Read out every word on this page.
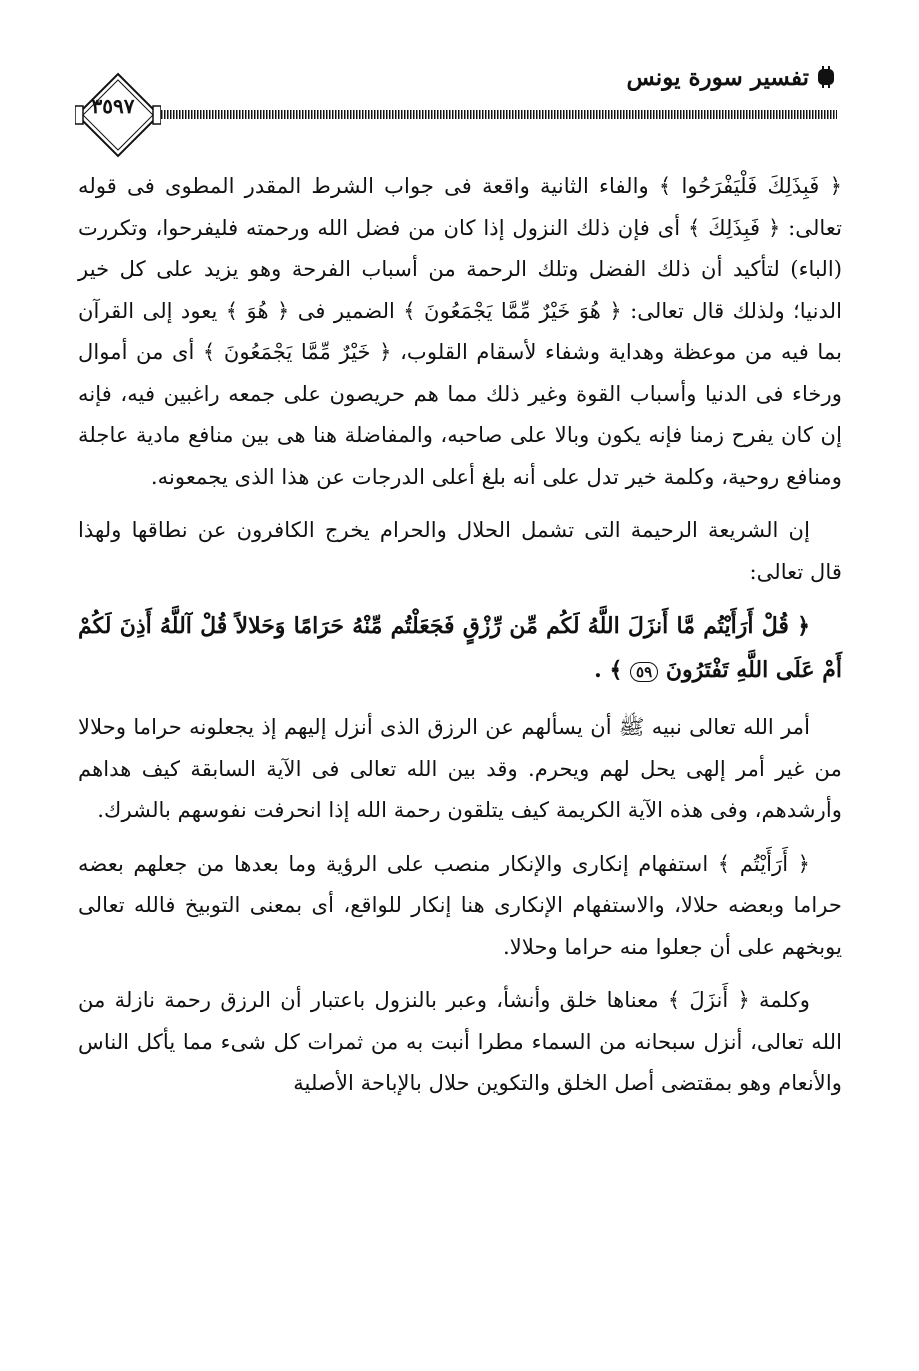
تفسير سورة يونس
٣٥٩٧

﴿ فَبِذَلِكَ فَلْيَفْرَحُوا ﴾ والفاء الثانية واقعة فى جواب الشرط المقدر المطوى فى قوله تعالى: ﴿ فَبِذَلِكَ ﴾ أى فإن ذلك النزول إذا كان من فضل الله ورحمته فليفرحوا، وتكررت (الباء) لتأكيد أن ذلك الفضل وتلك الرحمة من أسباب الفرحة وهو يزيد على كل خير الدنيا؛ ولذلك قال تعالى: ﴿ هُوَ خَيْرٌ مِّمَّا يَجْمَعُونَ ﴾ الضمير فى ﴿ هُوَ ﴾ يعود إلى القرآن بما فيه من موعظة وهداية وشفاء لأسقام القلوب، ﴿ خَيْرٌ مِّمَّا يَجْمَعُونَ ﴾ أى من أموال ورخاء فى الدنيا وأسباب القوة وغير ذلك مما هم حريصون على جمعه راغبين فيه، فإنه إن كان يفرح زمنا فإنه يكون وبالا على صاحبه، والمفاضلة هنا هى بين منافع مادية عاجلة ومنافع روحية، وكلمة خير تدل على أنه بلغ أعلى الدرجات عن هذا الذى يجمعونه.

إن الشريعة الرحيمة التى تشمل الحلال والحرام يخرج الكافرون عن نطاقها ولهذا قال تعالى:

﴿ قُلْ أَرَأَيْتُم مَّا أَنزَلَ اللَّهُ لَكُم مِّن رِّزْقٍ فَجَعَلْتُم مِّنْهُ حَرَامًا وَحَلالاً قُلْ آللَّهُ أَذِنَ لَكُمْ أَمْ عَلَى اللَّهِ تَفْتَرُونَ ٥٩ ﴾ .

أمر الله تعالى نبيه ﷺ أن يسألهم عن الرزق الذى أنزل إليهم إذ يجعلونه حراما وحلالا من غير أمر إلهى يحل لهم ويحرم. وقد بين الله تعالى فى الآية السابقة كيف هداهم وأرشدهم، وفى هذه الآية الكريمة كيف يتلقون رحمة الله إذا انحرفت نفوسهم بالشرك.

﴿ أَرَأَيْتُم ﴾ استفهام إنكارى والإنكار منصب على الرؤية وما بعدها من جعلهم بعضه حراما وبعضه حلالا، والاستفهام الإنكارى هنا إنكار للواقع، أى بمعنى التوبيخ فالله تعالى يوبخهم على أن جعلوا منه حراما وحلالا.

وكلمة ﴿ أَنزَلَ ﴾ معناها خلق وأنشأ، وعبر بالنزول باعتبار أن الرزق رحمة نازلة من الله تعالى، أنزل سبحانه من السماء مطرا أنبت به من ثمرات كل شىء مما يأكل الناس والأنعام وهو بمقتضى أصل الخلق والتكوين حلال بالإباحة الأصلية
